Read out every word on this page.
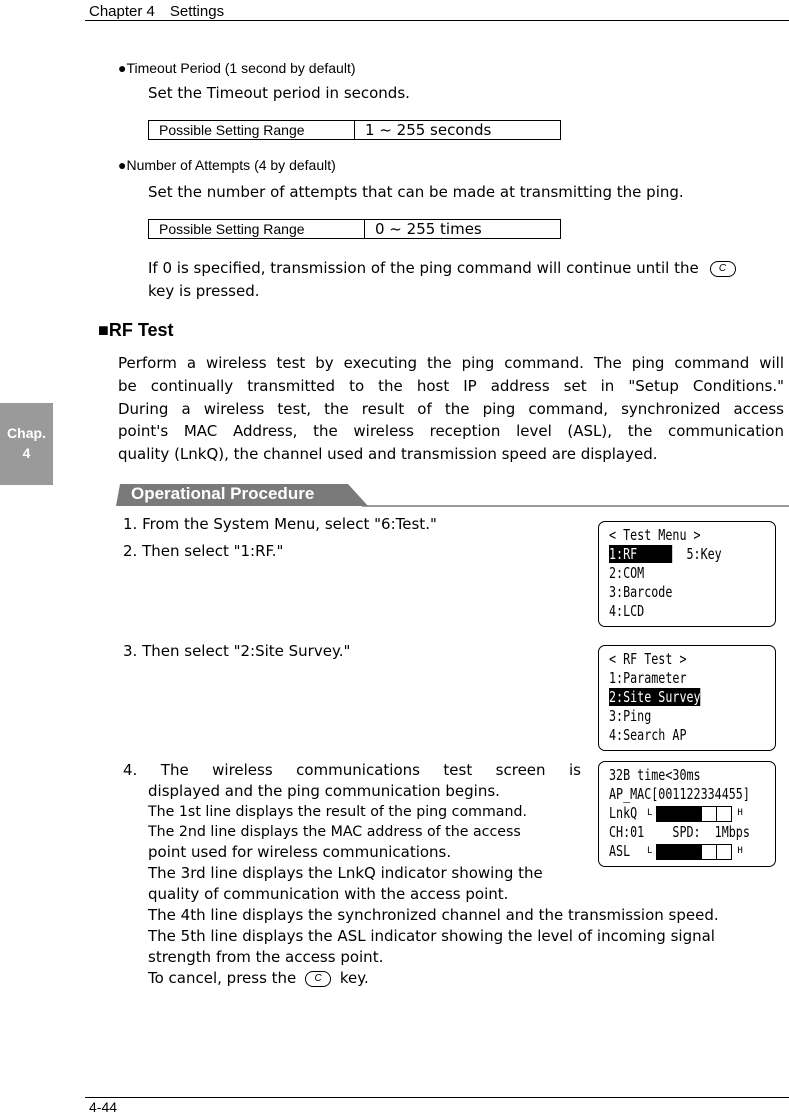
Chapter 4　Settings
Chap.
4
●Timeout Period (1 second by default)
Set the Timeout period in seconds.
Possible Setting Range	1 ~ 255 seconds
●Number of Attempts (4 by default)
Set the number of attempts that can be made at transmitting the ping.
Possible Setting Range	0 ~ 255 times
If 0 is specified, transmission of the ping command will continue until the C
key is pressed.
■RF Test
Perform a wireless test by executing the ping command. The ping command will
be continually transmitted to the host IP address set in "Setup Conditions."
During a wireless test, the result of the ping command, synchronized access
point's MAC Address, the wireless reception level (ASL), the communication
quality (LnkQ), the channel used and transmission speed are displayed.
Operational Procedure
1. From the System Menu, select "6:Test."
2. Then select "1:RF."
3. Then select "2:Site Survey."
4. The wireless communications test screen is
displayed and the ping communication begins.
The 1st line displays the result of the ping command.
The 2nd line displays the MAC address of the access
point used for wireless communications.
The 3rd line displays the LnkQ indicator showing the
quality of communication with the access point.
The 4th line displays the synchronized channel and the transmission speed.
The 5th line displays the ASL indicator showing the level of incoming signal
strength from the access point.
To cancel, press the C key.
< Test Menu >
1:RF       5:Key
2:COM
3:Barcode
4:LCD
< RF Test >
1:Parameter
2:Site Survey
3:Ping
4:Search AP
32B time<30ms
AP_MAC[001122334455]
LnkQ $^L$	$^H$
CH:01    SPD:  1Mbps
ASL $^L$	$^H$
4-44
